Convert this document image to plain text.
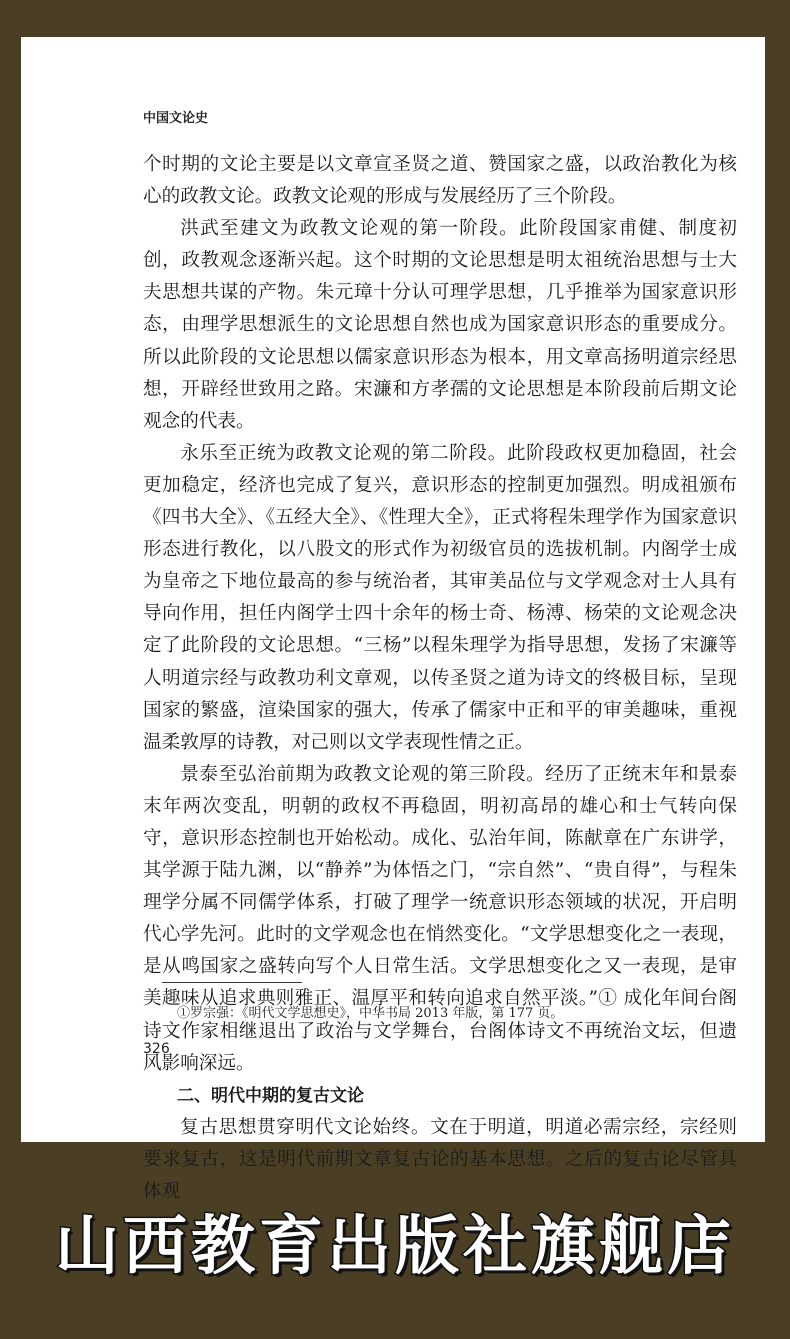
中国文论史

个时期的文论主要是以文章宣圣贤之道、赞国家之盛，以政治教化为核心的政教文论。政教文论观的形成与发展经历了三个阶段。

洪武至建文为政教文论观的第一阶段。此阶段国家甫健、制度初创，政教观念逐渐兴起。这个时期的文论思想是明太祖统治思想与士大夫思想共谋的产物。朱元璋十分认可理学思想，几乎推举为国家意识形态，由理学思想派生的文论思想自然也成为国家意识形态的重要成分。所以此阶段的文论思想以儒家意识形态为根本，用文章高扬明道宗经思想，开辟经世致用之路。宋濂和方孝孺的文论思想是本阶段前后期文论观念的代表。

永乐至正统为政教文论观的第二阶段。此阶段政权更加稳固，社会更加稳定，经济也完成了复兴，意识形态的控制更加强烈。明成祖颁布《四书大全》、《五经大全》、《性理大全》，正式将程朱理学作为国家意识形态进行教化，以八股文的形式作为初级官员的选拔机制。内阁学士成为皇帝之下地位最高的参与统治者，其审美品位与文学观念对士人具有导向作用，担任内阁学士四十余年的杨士奇、杨溥、杨荣的文论观念决定了此阶段的文论思想。“三杨”以程朱理学为指导思想，发扬了宋濂等人明道宗经与政教功利文章观，以传圣贤之道为诗文的终极目标，呈现国家的繁盛，渲染国家的强大，传承了儒家中正和平的审美趣味，重视温柔敦厚的诗教，对己则以文学表现性情之正。

景泰至弘治前期为政教文论观的第三阶段。经历了正统末年和景泰末年两次变乱，明朝的政权不再稳固，明初高昂的雄心和士气转向保守，意识形态控制也开始松动。成化、弘治年间，陈献章在广东讲学，其学源于陆九渊，以“静养”为体悟之门，“宗自然”、“贵自得”，与程朱理学分属不同儒学体系，打破了理学一统意识形态领域的状况，开启明代心学先河。此时的文学观念也在悄然变化。“文学思想变化之一表现，是从鸣国家之盛转向写个人日常生活。文学思想变化之又一表现，是审美趣味从追求典则雅正、温厚平和转向追求自然平淡。”① 成化年间台阁诗文作家相继退出了政治与文学舞台，台阁体诗文不再统治文坛，但遗风影响深远。

二、明代中期的复古文论

复古思想贯穿明代文论始终。文在于明道，明道必需宗经，宗经则要求复古，这是明代前期文章复古论的基本思想。之后的复古论尽管具体观

①罗宗强：《明代文学思想史》，中华书局 2013 年版，第 177 页。
326
山西教育出版社旗舰店
